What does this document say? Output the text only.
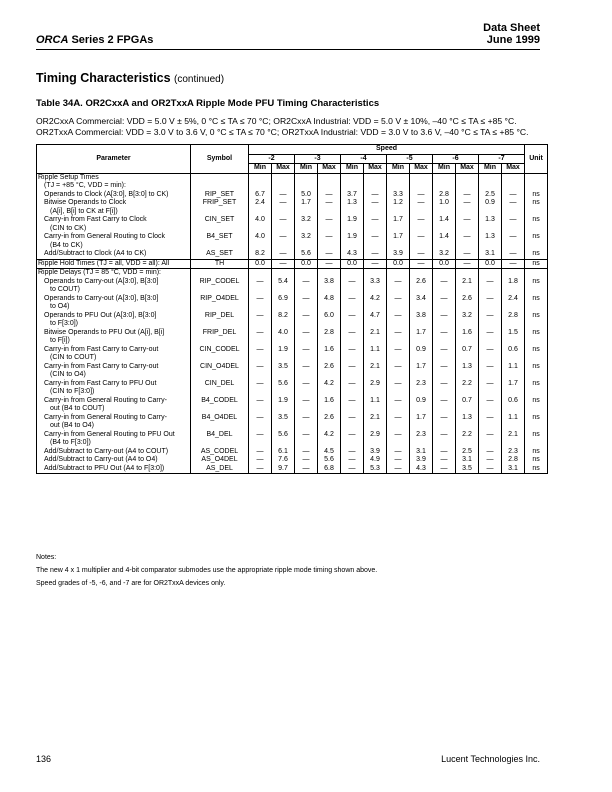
ORCA Series 2 FPGAs
Data Sheet
June 1999
Timing Characteristics (continued)
Table 34A. OR2CxxA and OR2TxxA Ripple Mode PFU Timing Characteristics
OR2CxxA Commercial: VDD = 5.0 V ± 5%, 0 °C ≤ TA ≤ 70 °C; OR2CxxA Industrial: VDD = 5.0 V ± 10%, –40 °C ≤ TA ≤ +85 °C.
OR2TxxA Commercial: VDD = 3.0 V to 3.6 V, 0 °C ≤ TA ≤ 70 °C; OR2TxxA Industrial: VDD = 3.0 V to 3.6 V, –40 °C ≤ TA ≤ +85 °C.
Parameter	Symbol	Speed												Unit
		-2		-3		-4		-5		-6		-7		
		Min	Max	Min	Max	Min	Max	Min	Max	Min	Max	Min	Max	
Ripple Setup Times														
(TJ = +85 °C, VDD = min):														
Operands to Clock (A[3:0], B[3:0] to CK)	RIP_SET	6.7	—	5.0	—	3.7	—	3.3	—	2.8	—	2.5	—	ns
Bitwise Operands to Clock	FRIP_SET	2.4	—	1.7	—	1.3	—	1.2	—	1.0	—	0.9	—	ns
(A[i], B[i] to CK at F[i])														
Carry-in from Fast Carry to Clock	CIN_SET	4.0	—	3.2	—	1.9	—	1.7	—	1.4	—	1.3	—	ns
(CIN to CK)														
Carry-in from General Routing to Clock	B4_SET	4.0	—	3.2	—	1.9	—	1.7	—	1.4	—	1.3	—	ns
(B4 to CK)														
Add/Subtract to Clock (A4 to CK)	AS_SET	8.2	—	5.6	—	4.3	—	3.9	—	3.2	—	3.1	—	ns
Ripple Hold Times (TJ = all, VDD = all): All	TH	0.0	—	0.0	—	0.0	—	0.0	—	0.0	—	0.0	—	ns
Ripple Delays (TJ = 85 °C, VDD = min):														
Operands to Carry-out (A[3:0], B[3:0]	RIP_CODEL	—	5.4	—	3.8	—	3.3	—	2.6	—	2.1	—	1.8	ns
to COUT)														
Operands to Carry-out (A[3:0], B[3:0]	RIP_O4DEL	—	6.9	—	4.8	—	4.2	—	3.4	—	2.6	—	2.4	ns
to O4)														
Operands to PFU Out (A[3:0], B[3:0]	RIP_DEL	—	8.2	—	6.0	—	4.7	—	3.8	—	3.2	—	2.8	ns
to F[3:0])														
Bitwise Operands to PFU Out (A[i], B[i]	FRIP_DEL	—	4.0	—	2.8	—	2.1	—	1.7	—	1.6	—	1.5	ns
to F[i])														
Carry-in from Fast Carry to Carry-out	CIN_CODEL	—	1.9	—	1.6	—	1.1	—	0.9	—	0.7	—	0.6	ns
(CIN to COUT)														
Carry-in from Fast Carry to Carry-out	CIN_O4DEL	—	3.5	—	2.6	—	2.1	—	1.7	—	1.3	—	1.1	ns
(CIN to O4)														
Carry-in from Fast Carry to PFU Out	CIN_DEL	—	5.6	—	4.2	—	2.9	—	2.3	—	2.2	—	1.7	ns
(CIN to F[3:0])														
Carry-in from General Routing to Carry-	B4_CODEL	—	1.9	—	1.6	—	1.1	—	0.9	—	0.7	—	0.6	ns
out (B4 to COUT)														
Carry-in from General Routing to Carry-	B4_O4DEL	—	3.5	—	2.6	—	2.1	—	1.7	—	1.3	—	1.1	ns
out (B4 to O4)														
Carry-in from General Routing to PFU Out	B4_DEL	—	5.6	—	4.2	—	2.9	—	2.3	—	2.2	—	2.1	ns
(B4 to F[3:0])														
Add/Subtract to Carry-out (A4 to COUT)	AS_CODEL	—	6.1	—	4.5	—	3.9	—	3.1	—	2.5	—	2.3	ns
Add/Subtract to Carry-out (A4 to O4)	AS_O4DEL	—	7.6	—	5.6	—	4.9	—	3.9	—	3.1	—	2.8	ns
Add/Subtract to PFU Out (A4 to F[3:0])	AS_DEL	—	9.7	—	6.8	—	5.3	—	4.3	—	3.5	—	3.1	ns

Notes:

The new 4 x 1 multiplier and 4-bit comparator submodes use the appropriate ripple mode timing shown above.

Speed grades of -5, -6, and -7 are for OR2TxxA devices only.

136	Lucent Technologies Inc.
